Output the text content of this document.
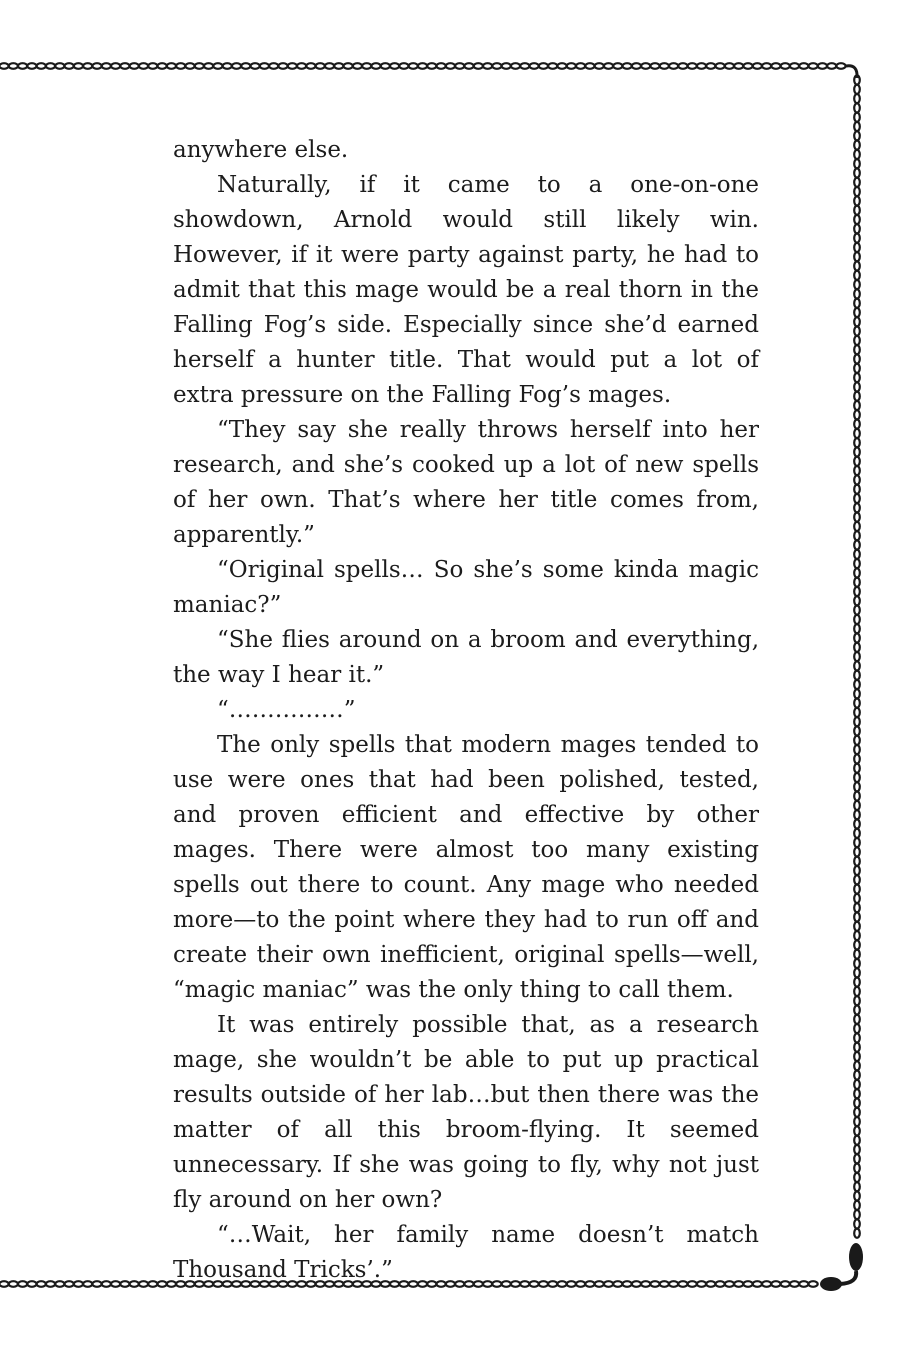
anywhere else.

Naturally, if it came to a one-on-one showdown, Arnold would still likely win. However, if it were party against party, he had to admit that this mage would be a real thorn in the Falling Fog’s side. Especially since she’d earned herself a hunter title. That would put a lot of extra pressure on the Falling Fog’s mages.

“They say she really throws herself into her research, and she’s cooked up a lot of new spells of her own. That’s where her title comes from, apparently.”

“Original spells… So she’s some kinda magic maniac?”

“She flies around on a broom and everything, the way I hear it.”

“……………”

The only spells that modern mages tended to use were ones that had been polished, tested, and proven efficient and effective by other mages. There were almost too many existing spells out there to count. Any mage who needed more—to the point where they had to run off and create their own inefficient, original spells—well, “magic maniac” was the only thing to call them.

It was entirely possible that, as a research mage, she wouldn’t be able to put up practical results outside of her lab…but then there was the matter of all this broom-flying. It seemed unnecessary. If she was going to fly, why not just fly around on her own?

“…Wait, her family name doesn’t match Thousand Tricks’.”
